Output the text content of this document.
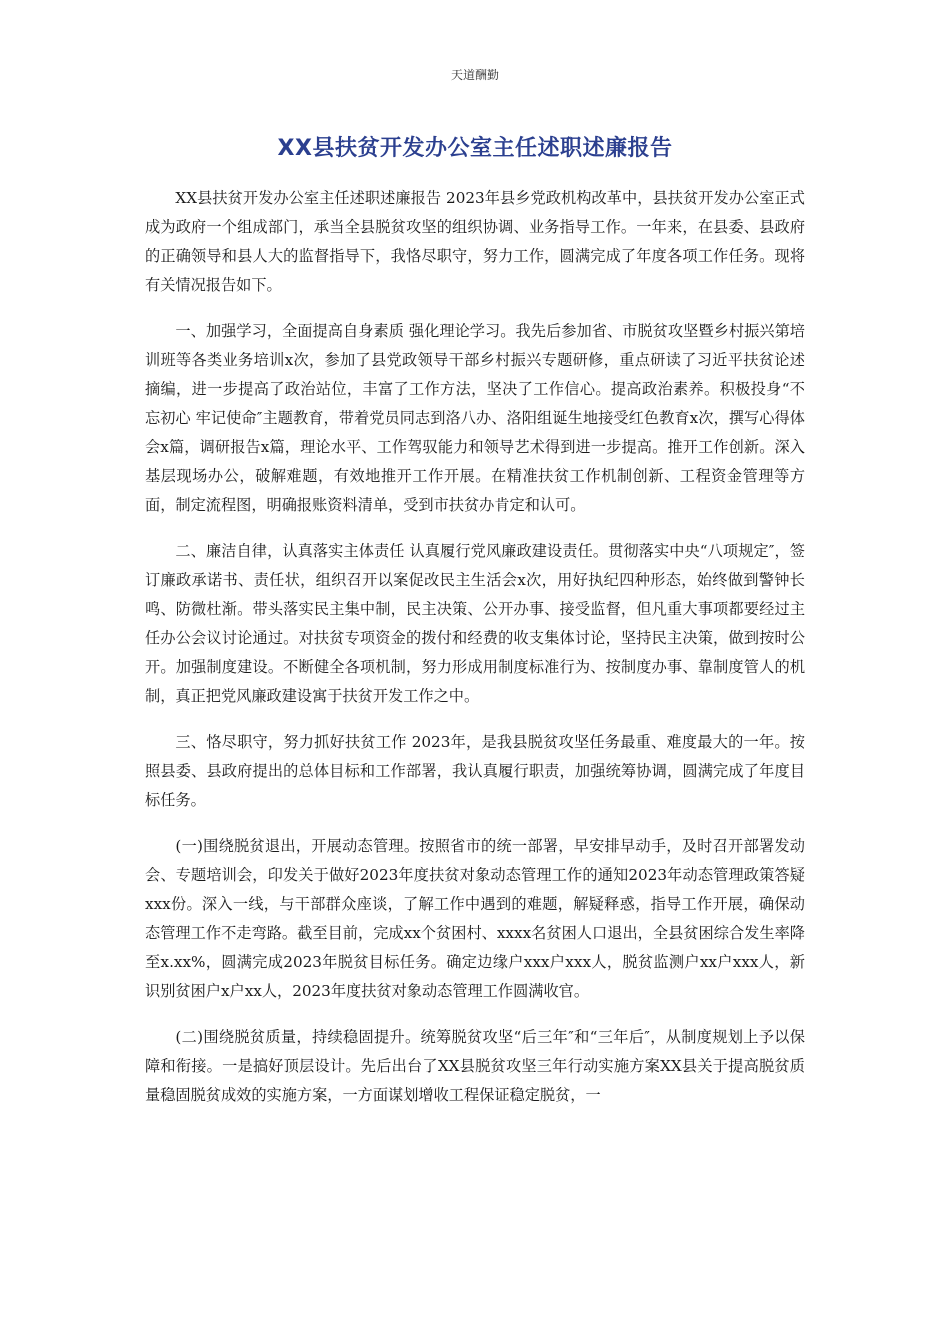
天道酬勤
XX县扶贫开发办公室主任述职述廉报告

XX县扶贫开发办公室主任述职述廉报告 2023年县乡党政机构改革中，县扶贫开发办公室正式成为政府一个组成部门，承当全县脱贫攻坚的组织协调、业务指导工作。一年来，在县委、县政府的正确领导和县人大的监督指导下，我恪尽职守，努力工作，圆满完成了年度各项工作任务。现将有关情况报告如下。

一、加强学习，全面提高自身素质 强化理论学习。我先后参加省、市脱贫攻坚暨乡村振兴第培训班等各类业务培训x次，参加了县党政领导干部乡村振兴专题研修，重点研读了习近平扶贫论述摘编，进一步提高了政治站位，丰富了工作方法，坚决了工作信心。提高政治素养。积极投身“不忘初心 牢记使命″主题教育，带着党员同志到洛八办、洛阳组诞生地接受红色教育x次，撰写心得体会x篇，调研报告x篇，理论水平、工作驾驭能力和领导艺术得到进一步提高。推开工作创新。深入基层现场办公，破解难题，有效地推开工作开展。在精准扶贫工作机制创新、工程资金管理等方面，制定流程图，明确报账资料清单，受到市扶贫办肯定和认可。

二、廉洁自律，认真落实主体责任 认真履行党风廉政建设责任。贯彻落实中央“八项规定″，签订廉政承诺书、责任状，组织召开以案促改民主生活会x次，用好执纪四种形态，始终做到警钟长鸣、防微杜渐。带头落实民主集中制，民主决策、公开办事、接受监督，但凡重大事项都要经过主任办公会议讨论通过。对扶贫专项资金的拨付和经费的收支集体讨论，坚持民主决策，做到按时公开。加强制度建设。不断健全各项机制，努力形成用制度标准行为、按制度办事、靠制度管人的机制，真正把党风廉政建设寓于扶贫开发工作之中。

三、恪尽职守，努力抓好扶贫工作 2023年，是我县脱贫攻坚任务最重、难度最大的一年。按照县委、县政府提出的总体目标和工作部署，我认真履行职责，加强统筹协调，圆满完成了年度目标任务。

(一)围绕脱贫退出，开展动态管理。按照省市的统一部署，早安排早动手，及时召开部署发动会、专题培训会，印发关于做好2023年度扶贫对象动态管理工作的通知2023年动态管理政策答疑xxx份。深入一线，与干部群众座谈，了解工作中遇到的难题，解疑释惑，指导工作开展，确保动态管理工作不走弯路。截至目前，完成xx个贫困村、xxxx名贫困人口退出，全县贫困综合发生率降至x.xx%，圆满完成2023年脱贫目标任务。确定边缘户xxx户xxx人，脱贫监测户xx户xxx人，新识别贫困户x户xx人，2023年度扶贫对象动态管理工作圆满收官。

(二)围绕脱贫质量，持续稳固提升。统筹脱贫攻坚“后三年″和“三年后″，从制度规划上予以保障和衔接。一是搞好顶层设计。先后出台了XX县脱贫攻坚三年行动实施方案XX县关于提高脱贫质量稳固脱贫成效的实施方案，一方面谋划增收工程保证稳定脱贫，一
